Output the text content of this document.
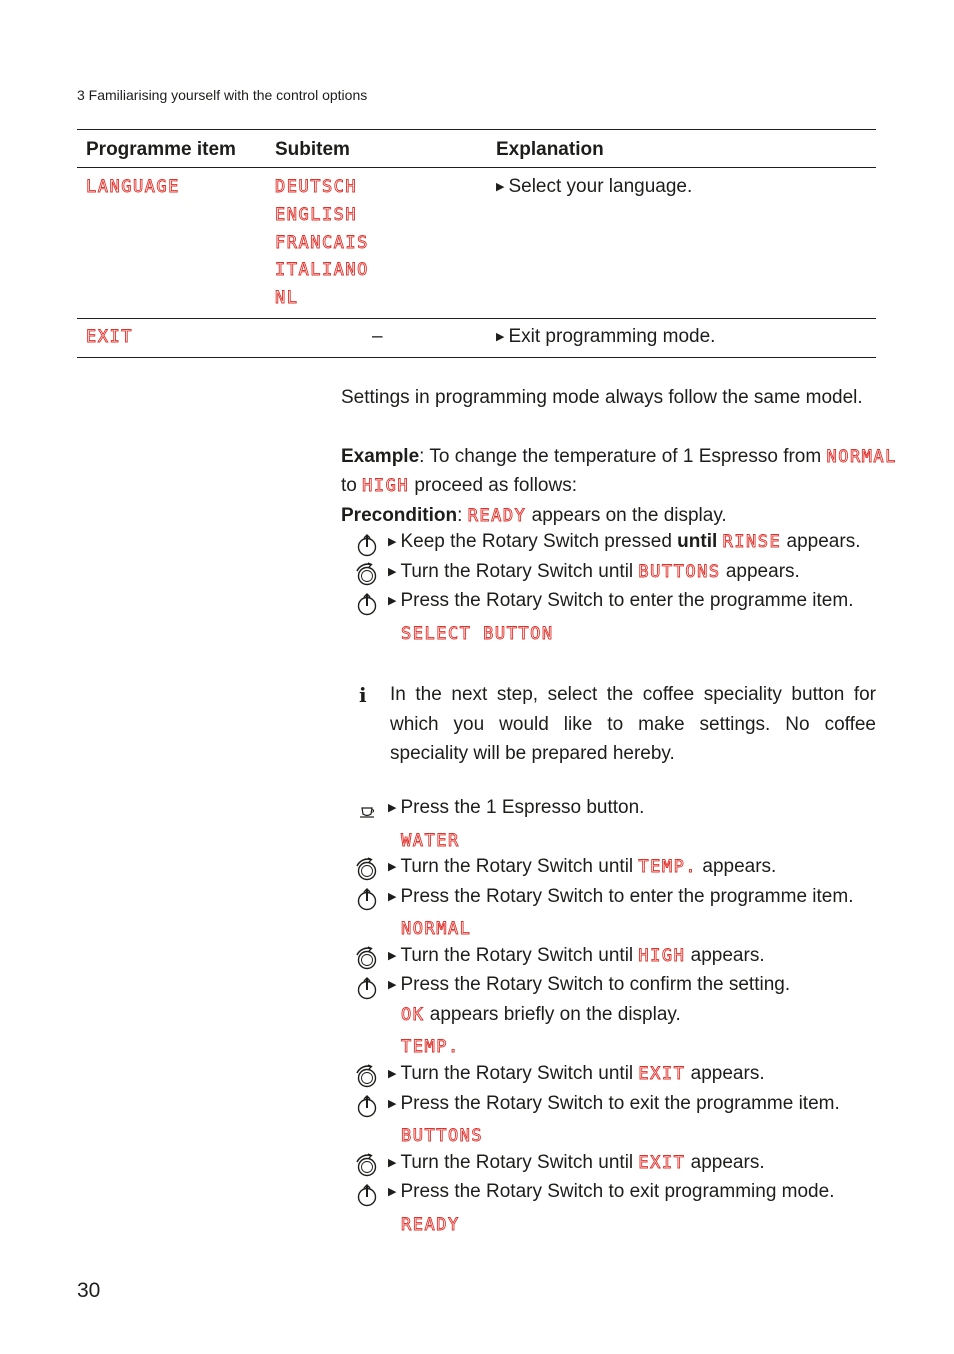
3 Familiarising yourself with the control options
Programme item Subitem	Explanation
LANGUAGE	DEUTSCH
ENGLISH
FRANCAIS
ITALIANO
NL
▶ Select your language.
EXIT	–
▶	Exit programming mode.
Settings in programming mode always follow the same model.
Example: To change the temperature of 1 Espresso from NORMAL
to HIGH proceed as follows:
Precondition: READY appears on the display.
▶ Keep the Rotary Switch pressed until RINSE appears.
▶ Turn the Rotary Switch until BUTTONS appears.
▶ Press the Rotary Switch to enter the programme item.
SELECT BUTTON
i In the next step, select the coffee speciality button for which you would like to make settings. No coffee speciality will be prepared hereby.
▶ Press the 1 Espresso button.
WATER
▶ Turn the Rotary Switch until TEMP. appears.
▶ Press the Rotary Switch to enter the programme item.
NORMAL
▶ Turn the Rotary Switch until HIGH appears.
▶ Press the Rotary Switch to confirm the setting.
OK appears briefly on the display.
TEMP.
▶ Turn the Rotary Switch until EXIT appears.
▶ Press the Rotary Switch to exit the programme item.
BUTTONS
▶ Turn the Rotary Switch until EXIT appears.
▶ Press the Rotary Switch to exit programming mode.
READY
30
